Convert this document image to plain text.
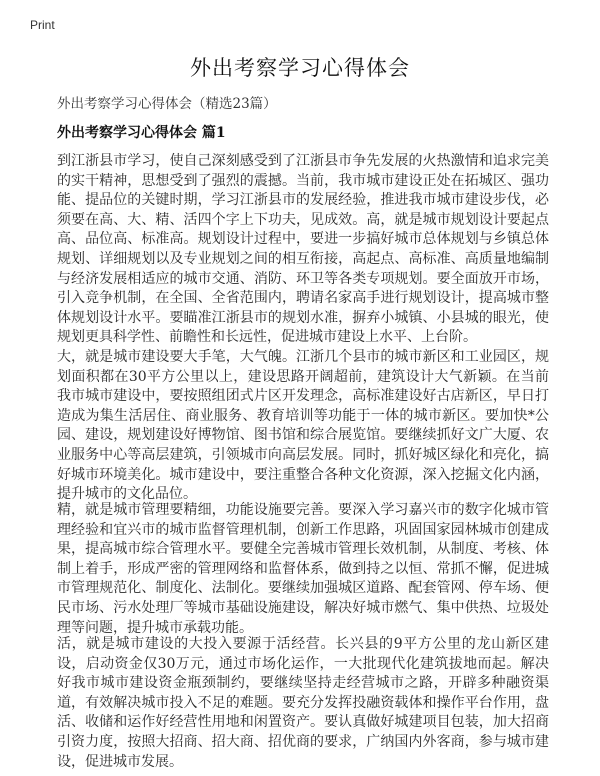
Print
外出考察学习心得体会
外出考察学习心得体会（精选23篇）
外出考察学习心得体会 篇1

到江浙县市学习，使自己深刻感受到了江浙县市争先发展的火热激情和追求完美的实干精神，思想受到了强烈的震撼。当前，我市城市建设正处在拓城区、强功能、提品位的关键时期，学习江浙县市的发展经验，推进我市城市建设步伐，必须要在高、大、精、活四个字上下功夫，见成效。高，就是城市规划设计要起点高、品位高、标准高。规划设计过程中，要进一步搞好城市总体规划与乡镇总体规划、详细规划以及专业规划之间的相互衔接，高起点、高标准、高质量地编制与经济发展相适应的城市交通、消防、环卫等各类专项规划。要全面放开市场，引入竞争机制，在全国、全省范围内，聘请名家高手进行规划设计，提高城市整体规划设计水平。要瞄准江浙县市的规划水准，摒弃小城镇、小县城的眼光，使规划更具科学性、前瞻性和长远性，促进城市建设上水平、上台阶。

大，就是城市建设要大手笔，大气魄。江浙几个县市的城市新区和工业园区，规划面积都在30平方公里以上，建设思路开阔超前，建筑设计大气新颖。在当前我市城市建设中，要按照组团式片区开发理念，高标准建设好古店新区，早日打造成为集生活居住、商业服务、教育培训等功能于一体的城市新区。要加快*公园、建设，规划建设好博物馆、图书馆和综合展览馆。要继续抓好文广大厦、农业服务中心等高层建筑，引领城市向高层发展。同时，抓好城区绿化和亮化，搞好城市环境美化。城市建设中，要注重整合各种文化资源，深入挖掘文化内涵，提升城市的文化品位。

精，就是城市管理要精细，功能设施要完善。要深入学习嘉兴市的数字化城市管理经验和宜兴市的城市监督管理机制，创新工作思路，巩固国家园林城市创建成果，提高城市综合管理水平。要健全完善城市管理长效机制，从制度、考核、体制上着手，形成严密的管理网络和监督体系，做到持之以恒、常抓不懈，促进城市管理规范化、制度化、法制化。要继续加强城区道路、配套管网、停车场、便民市场、污水处理厂等城市基础设施建设，解决好城市燃气、集中供热、垃圾处理等问题，提升城市承载功能。

活，就是城市建设的大投入要源于活经营。长兴县的9平方公里的龙山新区建设，启动资金仅30万元，通过市场化运作，一大批现代化建筑拔地而起。解决好我市城市建设资金瓶颈制约，要继续坚持走经营城市之路，开辟多种融资渠道，有效解决城市投入不足的难题。要充分发挥投融资载体和操作平台作用，盘活、收储和运作好经营性用地和闲置资产。要认真做好城建项目包装，加大招商引资力度，按照大招商、招大商、招优商的要求，广纳国内外客商，参与城市建设，促进城市发展。
